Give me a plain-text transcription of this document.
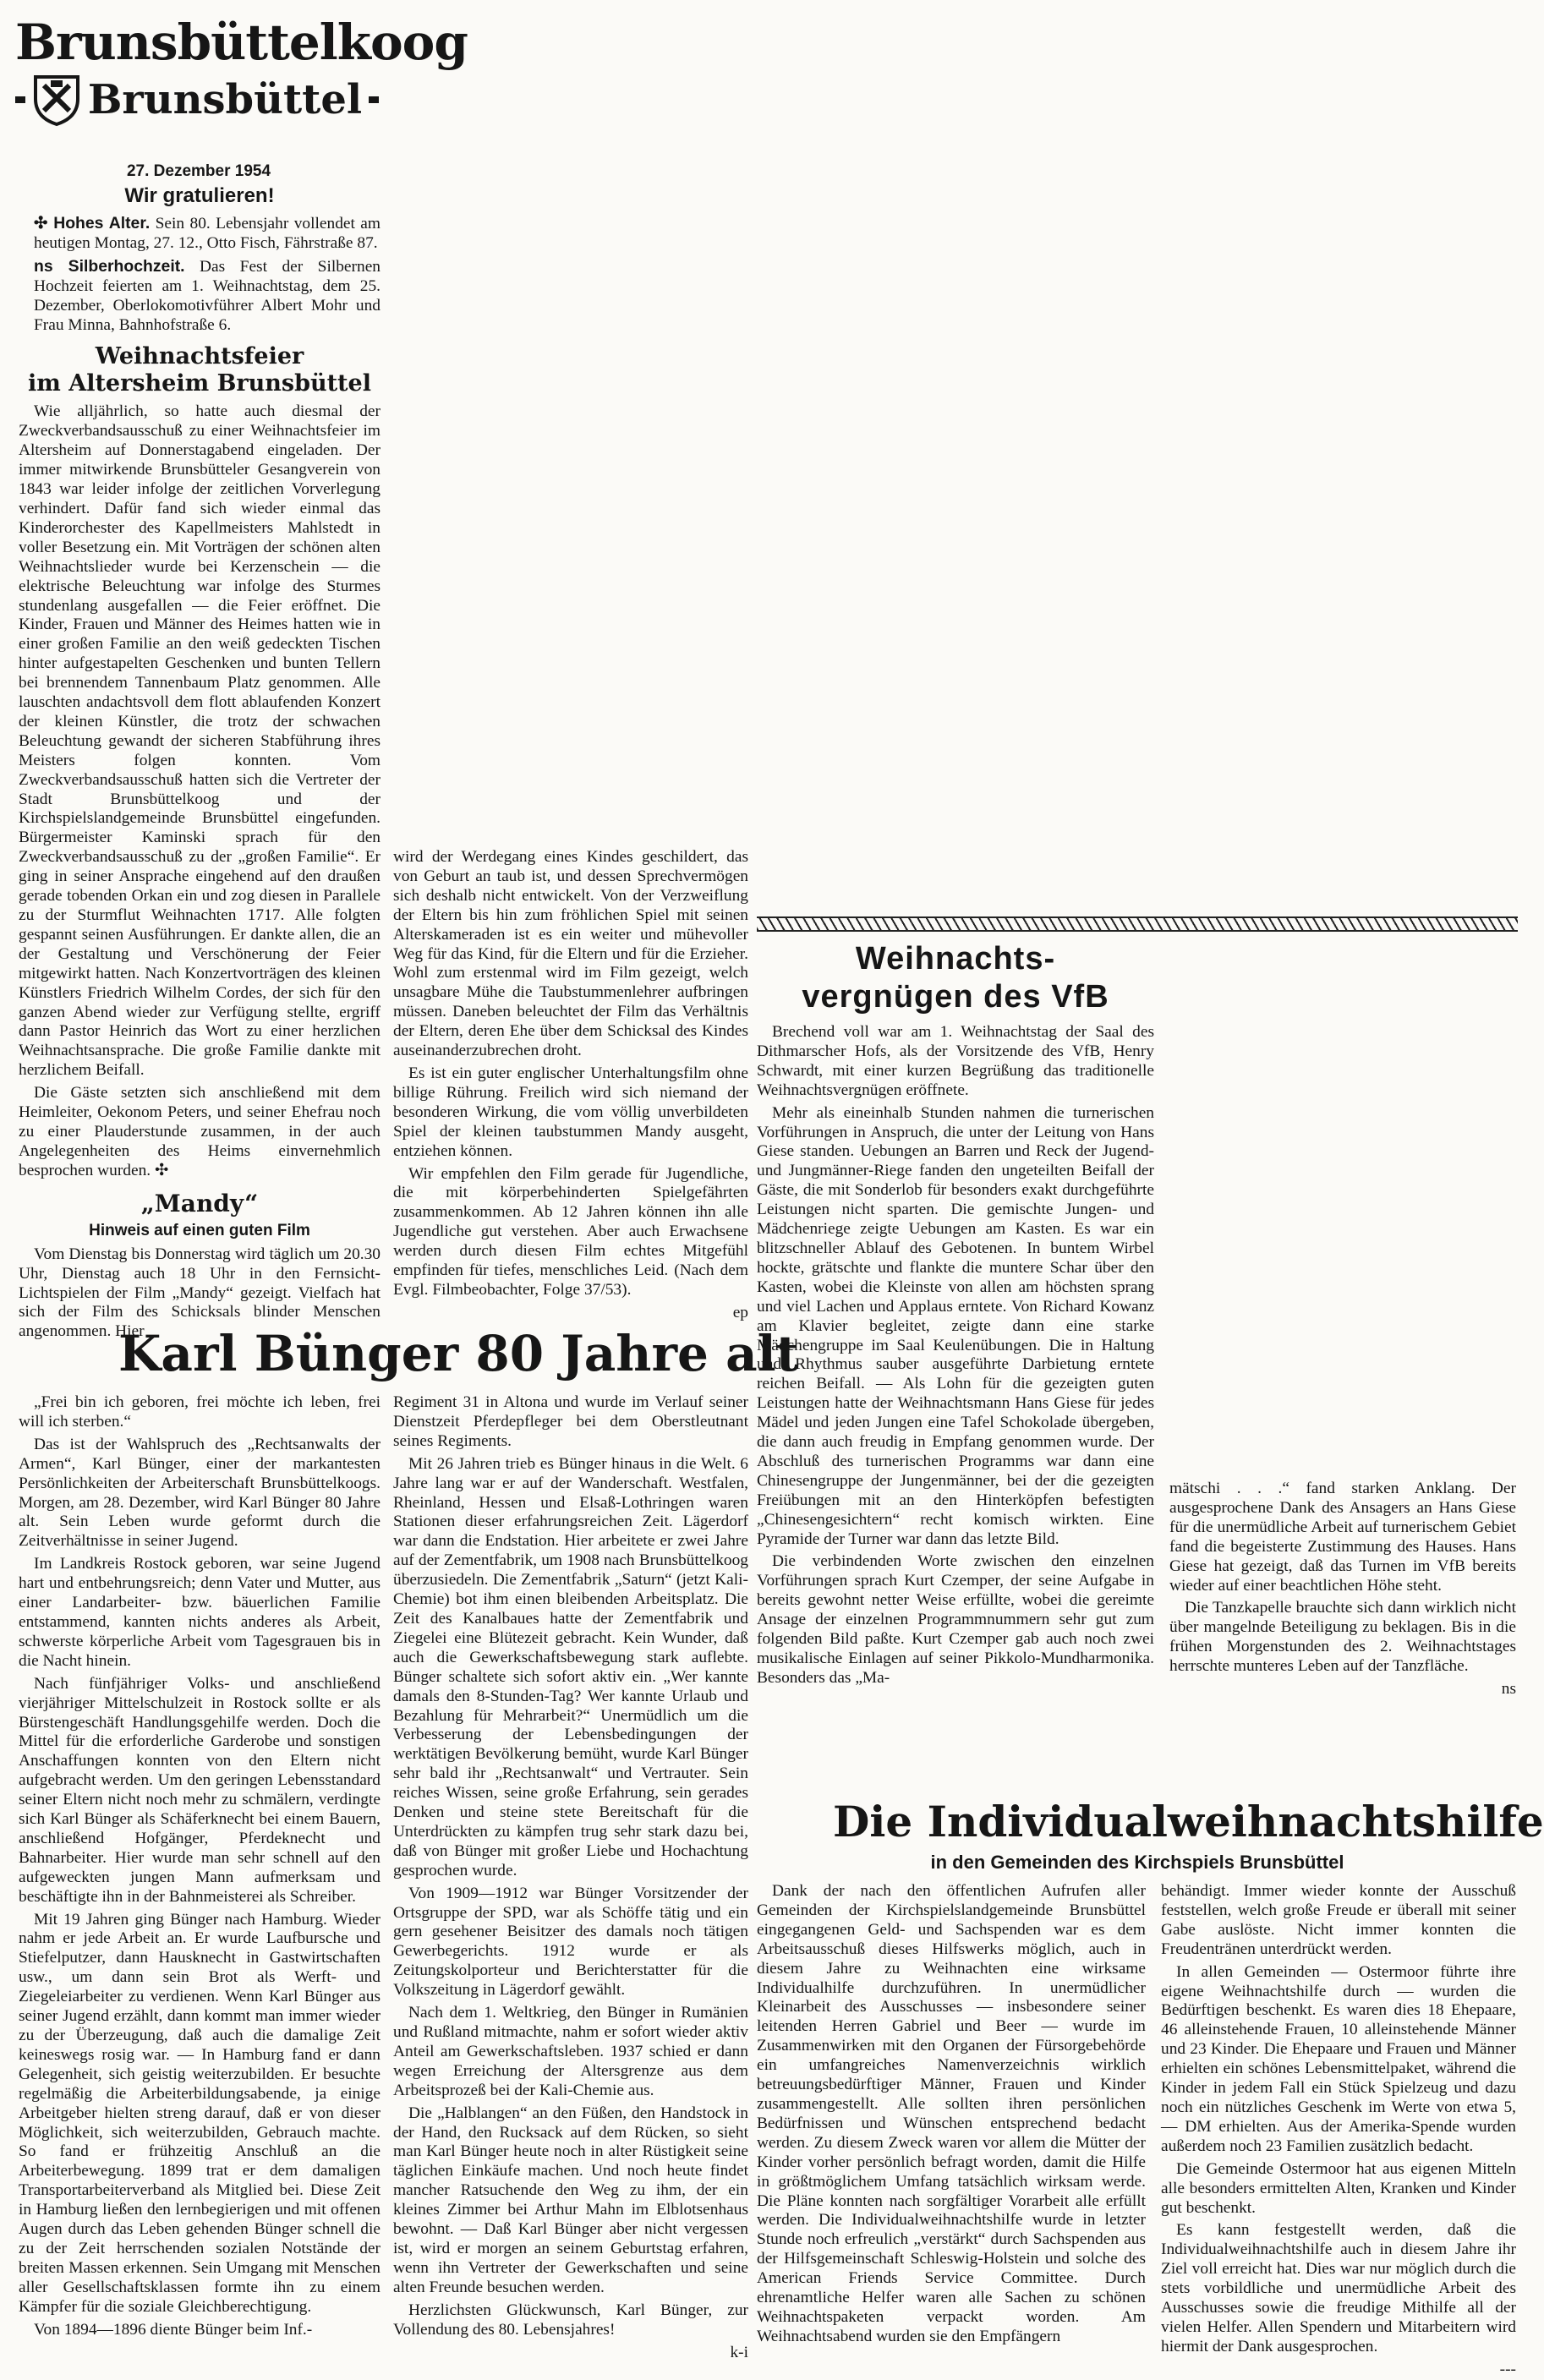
Brunsbüttelkoog
Brunsbüttel
27. Dezember 1954
Wir gratulieren!

✣ Hohes Alter. Sein 80. Lebensjahr vollendet am heutigen Montag, 27. 12., Otto Fisch, Fährstraße 87.

ns Silberhochzeit. Das Fest der Silbernen Hochzeit feierten am 1. Weihnachtstag, dem 25. Dezember, Oberlokomotivführer Albert Mohr und Frau Minna, Bahnhofstraße 6.

Weihnachtsfeier
im Altersheim Brunsbüttel

Wie alljährlich, so hatte auch diesmal der Zweckverbandsausschuß zu einer Weihnachtsfeier im Altersheim auf Donnerstagabend eingeladen. Der immer mitwirkende Brunsbütteler Gesangverein von 1843 war leider infolge der zeitlichen Vorverlegung verhindert. Dafür fand sich wieder einmal das Kinderorchester des Kapellmeisters Mahlstedt in voller Besetzung ein. Mit Vorträgen der schönen alten Weihnachtslieder wurde bei Kerzenschein — die elektrische Beleuchtung war infolge des Sturmes stundenlang ausgefallen — die Feier eröffnet. Die Kinder, Frauen und Männer des Heimes hatten wie in einer großen Familie an den weiß gedeckten Tischen hinter aufgestapelten Geschenken und bunten Tellern bei brennendem Tannenbaum Platz genommen. Alle lauschten andachtsvoll dem flott ablaufenden Konzert der kleinen Künstler, die trotz der schwachen Beleuchtung gewandt der sicheren Stabführung ihres Meisters folgen konnten. Vom Zweckverbandsausschuß hatten sich die Vertreter der Stadt Brunsbüttelkoog und der Kirchspielslandgemeinde Brunsbüttel eingefunden. Bürgermeister Kaminski sprach für den Zweckverbandsausschuß zu der „großen Familie“. Er ging in seiner Ansprache eingehend auf den draußen gerade tobenden Orkan ein und zog diesen in Parallele zu der Sturmflut Weihnachten 1717. Alle folgten gespannt seinen Ausführungen. Er dankte allen, die an der Gestaltung und Verschönerung der Feier mitgewirkt hatten. Nach Konzertvorträgen des kleinen Künstlers Friedrich Wilhelm Cordes, der sich für den ganzen Abend wieder zur Verfügung stellte, ergriff dann Pastor Heinrich das Wort zu einer herzlichen Weihnachtsansprache. Die große Familie dankte mit herzlichem Beifall.

Die Gäste setzten sich anschließend mit dem Heimleiter, Oekonom Peters, und seiner Ehefrau noch zu einer Plauderstunde zusammen, in der auch Angelegenheiten des Heims einvernehmlich besprochen wurden. ✣

„Mandy“
Hinweis auf einen guten Film

Vom Dienstag bis Donnerstag wird täglich um 20.30 Uhr, Dienstag auch 18 Uhr in den Fernsicht-Lichtspielen der Film „Mandy“ gezeigt. Vielfach hat sich der Film des Schicksals blinder Menschen angenommen. Hier

wird der Werdegang eines Kindes geschildert, das von Geburt an taub ist, und dessen Sprechvermögen sich deshalb nicht entwickelt. Von der Verzweiflung der Eltern bis hin zum fröhlichen Spiel mit seinen Alterskameraden ist es ein weiter und mühevoller Weg für das Kind, für die Eltern und für die Erzieher. Wohl zum erstenmal wird im Film gezeigt, welch unsagbare Mühe die Taubstummenlehrer aufbringen müssen. Daneben beleuchtet der Film das Verhältnis der Eltern, deren Ehe über dem Schicksal des Kindes auseinanderzubrechen droht.

Es ist ein guter englischer Unterhaltungsfilm ohne billige Rührung. Freilich wird sich niemand der besonderen Wirkung, die vom völlig unverbildeten Spiel der kleinen taubstummen Mandy ausgeht, entziehen können.

Wir empfehlen den Film gerade für Jugendliche, die mit körperbehinderten Spielgefährten zusammenkommen. Ab 12 Jahren können ihn alle Jugendliche gut verstehen. Aber auch Erwachsene werden durch diesen Film echtes Mitgefühl empfinden für tiefes, menschliches Leid. (Nach dem Evgl. Filmbeobachter, Folge 37/53).

ep
Weihnachts-
vergnügen des VfB

Brechend voll war am 1. Weihnachtstag der Saal des Dithmarscher Hofs, als der Vorsitzende des VfB, Henry Schwardt, mit einer kurzen Begrüßung das traditionelle Weihnachtsvergnügen eröffnete.

Mehr als eineinhalb Stunden nahmen die turnerischen Vorführungen in Anspruch, die unter der Leitung von Hans Giese standen. Uebungen an Barren und Reck der Jugend- und Jungmänner-Riege fanden den ungeteilten Beifall der Gäste, die mit Sonderlob für besonders exakt durchgeführte Leistungen nicht sparten. Die gemischte Jungen- und Mädchenriege zeigte Uebungen am Kasten. Es war ein blitzschneller Ablauf des Gebotenen. In buntem Wirbel hockte, grätschte und flankte die muntere Schar über den Kasten, wobei die Kleinste von allen am höchsten sprang und viel Lachen und Applaus erntete. Von Richard Kowanz am Klavier begleitet, zeigte dann eine starke Mädchengruppe im Saal Keulenübungen. Die in Haltung und Rhythmus sauber ausgeführte Darbietung erntete reichen Beifall. — Als Lohn für die gezeigten guten Leistungen hatte der Weihnachtsmann Hans Giese für jedes Mädel und jeden Jungen eine Tafel Schokolade übergeben, die dann auch freudig in Empfang genommen wurde. Der Abschluß des turnerischen Programms war dann eine Chinesengruppe der Jungenmänner, bei der die gezeigten Freiübungen mit an den Hinterköpfen befestigten „Chinesengesichtern“ recht komisch wirkten. Eine Pyramide der Turner war dann das letzte Bild.

Die verbindenden Worte zwischen den einzelnen Vorführungen sprach Kurt Czemper, der seine Aufgabe in bereits gewohnt netter Weise erfüllte, wobei die gereimte Ansage der einzelnen Programmnummern sehr gut zum folgenden Bild paßte. Kurt Czemper gab auch noch zwei musikalische Einlagen auf seiner Pikkolo-Mundharmonika. Besonders das „Ma-

mätschi . . .“ fand starken Anklang. Der ausgesprochene Dank des Ansagers an Hans Giese für die unermüdliche Arbeit auf turnerischem Gebiet fand die begeisterte Zustimmung des Hauses. Hans Giese hat gezeigt, daß das Turnen im VfB bereits wieder auf einer beachtlichen Höhe steht.

Die Tanzkapelle brauchte sich dann wirklich nicht über mangelnde Beteiligung zu beklagen. Bis in die frühen Morgenstunden des 2. Weihnachtstages herrschte munteres Leben auf der Tanzfläche.

ns
Karl Bünger 80 Jahre alt

„Frei bin ich geboren, frei möchte ich leben, frei will ich sterben.“

Das ist der Wahlspruch des „Rechtsanwalts der Armen“, Karl Bünger, einer der markantesten Persönlichkeiten der Arbeiterschaft Brunsbüttelkoogs. Morgen, am 28. Dezember, wird Karl Bünger 80 Jahre alt. Sein Leben wurde geformt durch die Zeitverhältnisse in seiner Jugend.

Im Landkreis Rostock geboren, war seine Jugend hart und entbehrungsreich; denn Vater und Mutter, aus einer Landarbeiter- bzw. bäuerlichen Familie entstammend, kannten nichts anderes als Arbeit, schwerste körperliche Arbeit vom Tagesgrauen bis in die Nacht hinein.

Nach fünfjähriger Volks- und anschließend vierjähriger Mittelschulzeit in Rostock sollte er als Bürstengeschäft Handlungsgehilfe werden. Doch die Mittel für die erforderliche Garderobe und sonstigen Anschaffungen konnten von den Eltern nicht aufgebracht werden. Um den geringen Lebensstandard seiner Eltern nicht noch mehr zu schmälern, verdingte sich Karl Bünger als Schäferknecht bei einem Bauern, anschließend Hofgänger, Pferdeknecht und Bahnarbeiter. Hier wurde man sehr schnell auf den aufgeweckten jungen Mann aufmerksam und beschäftigte ihn in der Bahnmeisterei als Schreiber.

Mit 19 Jahren ging Bünger nach Hamburg. Wieder nahm er jede Arbeit an. Er wurde Laufbursche und Stiefelputzer, dann Hausknecht in Gastwirtschaften usw., um dann sein Brot als Werft- und Ziegeleiarbeiter zu verdienen. Wenn Karl Bünger aus seiner Jugend erzählt, dann kommt man immer wieder zu der Überzeugung, daß auch die damalige Zeit keineswegs rosig war. — In Hamburg fand er dann Gelegenheit, sich geistig weiterzubilden. Er besuchte regelmäßig die Arbeiterbildungsabende, ja einige Arbeitgeber hielten streng darauf, daß er von dieser Möglichkeit, sich weiterzubilden, Gebrauch machte. So fand er frühzeitig Anschluß an die Arbeiterbewegung. 1899 trat er dem damaligen Transportarbeiterverband als Mitglied bei. Diese Zeit in Hamburg ließen den lernbegierigen und mit offenen Augen durch das Leben gehenden Bünger schnell die zu der Zeit herrschenden sozialen Notstände der breiten Massen erkennen. Sein Umgang mit Menschen aller Gesellschaftsklassen formte ihn zu einem Kämpfer für die soziale Gleichberechtigung.

Von 1894—1896 diente Bünger beim Inf.-

Regiment 31 in Altona und wurde im Verlauf seiner Dienstzeit Pferdepfleger bei dem Oberstleutnant seines Regiments.

Mit 26 Jahren trieb es Bünger hinaus in die Welt. 6 Jahre lang war er auf der Wanderschaft. Westfalen, Rheinland, Hessen und Elsaß-Lothringen waren Stationen dieser erfahrungsreichen Zeit. Lägerdorf war dann die Endstation. Hier arbeitete er zwei Jahre auf der Zementfabrik, um 1908 nach Brunsbüttelkoog überzusiedeln. Die Zementfabrik „Saturn“ (jetzt Kali-Chemie) bot ihm einen bleibenden Arbeitsplatz. Die Zeit des Kanalbaues hatte der Zementfabrik und Ziegelei eine Blütezeit gebracht. Kein Wunder, daß auch die Gewerkschaftsbewegung stark auflebte. Bünger schaltete sich sofort aktiv ein. „Wer kannte damals den 8-Stunden-Tag? Wer kannte Urlaub und Bezahlung für Mehrarbeit?“ Unermüdlich um die Verbesserung der Lebensbedingungen der werktätigen Bevölkerung bemüht, wurde Karl Bünger sehr bald ihr „Rechtsanwalt“ und Vertrauter. Sein reiches Wissen, seine große Erfahrung, sein gerades Denken und steine stete Bereitschaft für die Unterdrückten zu kämpfen trug sehr stark dazu bei, daß von Bünger mit großer Liebe und Hochachtung gesprochen wurde.

Von 1909—1912 war Bünger Vorsitzender der Ortsgruppe der SPD, war als Schöffe tätig und ein gern gesehener Beisitzer des damals noch tätigen Gewerbegerichts. 1912 wurde er als Zeitungskolporteur und Berichterstatter für die Volkszeitung in Lägerdorf gewählt.

Nach dem 1. Weltkrieg, den Bünger in Rumänien und Rußland mitmachte, nahm er sofort wieder aktiv Anteil am Gewerkschaftsleben. 1937 schied er dann wegen Erreichung der Altersgrenze aus dem Arbeitsprozeß bei der Kali-Chemie aus.

Die „Halblangen“ an den Füßen, den Handstock in der Hand, den Rucksack auf dem Rücken, so sieht man Karl Bünger heute noch in alter Rüstigkeit seine täglichen Einkäufe machen. Und noch heute findet mancher Ratsuchende den Weg zu ihm, der ein kleines Zimmer bei Arthur Mahn im Elblotsenhaus bewohnt. — Daß Karl Bünger aber nicht vergessen ist, wird er morgen an seinem Geburtstag erfahren, wenn ihn Vertreter der Gewerkschaften und seine alten Freunde besuchen werden.

Herzlichsten Glückwunsch, Karl Bünger, zur Vollendung des 80. Lebensjahres!

k-i
Die Individualweihnachtshilfe
in den Gemeinden des Kirchspiels Brunsbüttel

Dank der nach den öffentlichen Aufrufen aller Gemeinden der Kirchspielslandgemeinde Brunsbüttel eingegangenen Geld- und Sachspenden war es dem Arbeitsausschuß dieses Hilfswerks möglich, auch in diesem Jahre zu Weihnachten eine wirksame Individualhilfe durchzuführen. In unermüdlicher Kleinarbeit des Ausschusses — insbesondere seiner leitenden Herren Gabriel und Beer — wurde im Zusammenwirken mit den Organen der Fürsorgebehörde ein umfangreiches Namenverzeichnis wirklich betreuungsbedürftiger Männer, Frauen und Kinder zusammengestellt. Alle sollten ihren persönlichen Bedürfnissen und Wünschen entsprechend bedacht werden. Zu diesem Zweck waren vor allem die Mütter der Kinder vorher persönlich befragt worden, damit die Hilfe in größtmöglichem Umfang tatsächlich wirksam werde. Die Pläne konnten nach sorgfältiger Vorarbeit alle erfüllt werden. Die Individualweihnachtshilfe wurde in letzter Stunde noch erfreulich „verstärkt“ durch Sachspenden aus der Hilfsgemeinschaft Schleswig-Holstein und solche des American Friends Service Committee. Durch ehrenamtliche Helfer waren alle Sachen zu schönen Weihnachtspaketen verpackt worden. Am Weihnachtsabend wurden sie den Empfängern

behändigt. Immer wieder konnte der Ausschuß feststellen, welch große Freude er überall mit seiner Gabe auslöste. Nicht immer konnten die Freudentränen unterdrückt werden.

In allen Gemeinden — Ostermoor führte ihre eigene Weihnachtshilfe durch — wurden die Bedürftigen beschenkt. Es waren dies 18 Ehepaare, 46 alleinstehende Frauen, 10 alleinstehende Männer und 23 Kinder. Die Ehepaare und Frauen und Männer erhielten ein schönes Lebensmittelpaket, während die Kinder in jedem Fall ein Stück Spielzeug und dazu noch ein nützliches Geschenk im Werte von etwa 5,— DM erhielten. Aus der Amerika-Spende wurden außerdem noch 23 Familien zusätzlich bedacht.

Die Gemeinde Ostermoor hat aus eigenen Mitteln alle besonders ermittelten Alten, Kranken und Kinder gut beschenkt.

Es kann festgestellt werden, daß die Individualweihnachtshilfe auch in diesem Jahre ihr Ziel voll erreicht hat. Dies war nur möglich durch die stets vorbildliche und unermüdliche Arbeit des Ausschusses sowie die freudige Mithilfe all der vielen Helfer. Allen Spendern und Mitarbeitern wird hiermit der Dank ausgesprochen.

---
